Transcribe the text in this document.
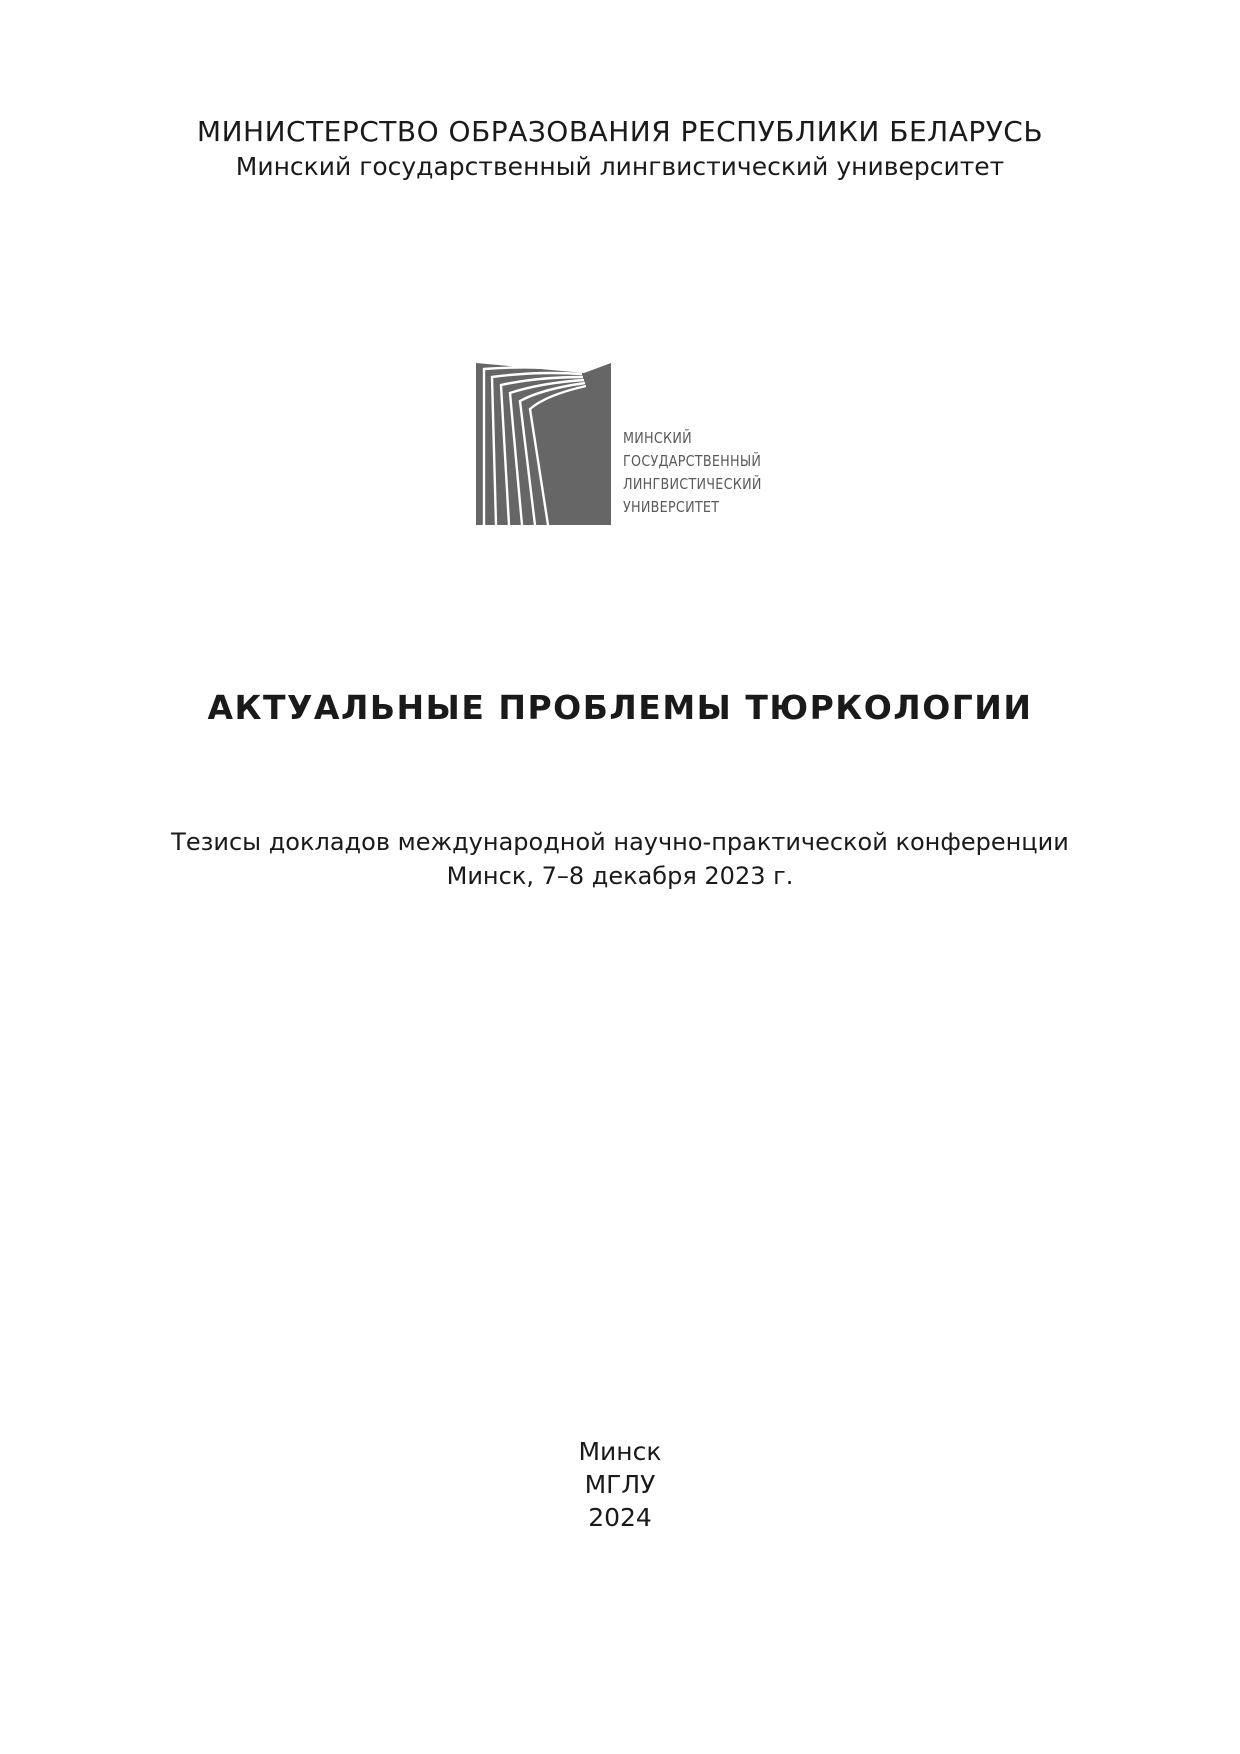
МИНИСТЕРСТВО ОБРАЗОВАНИЯ РЕСПУБЛИКИ БЕЛАРУСЬ
Минский государственный лингвистический университет
МИНСКИЙ
ГОСУДАРСТВЕННЫЙ
ЛИНГВИСТИЧЕСКИЙ
УНИВЕРСИТЕТ
АКТУАЛЬНЫЕ ПРОБЛЕМЫ ТЮРКОЛОГИИ
Тезисы докладов международной научно-практической конференции
Минск, 7–8 декабря 2023 г.
Минск
МГЛУ
2024
